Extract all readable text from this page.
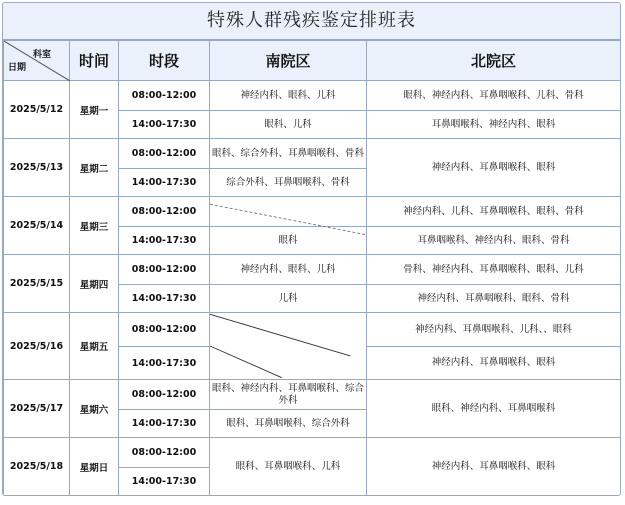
特殊人群残疾鉴定排班表
科室
日期	时间	时段	南院区	北院区
2025/5/12	星期一	08:00-12:00	神经内科、眼科、儿科	眼科、神经内科、耳鼻咽喉科、儿科、骨科
		14:00-17:30	眼科、儿科	耳鼻咽喉科、神经内科、眼科
2025/5/13	星期二	08:00-12:00	眼科、综合外科、耳鼻咽喉科、骨科	神经内科、耳鼻咽喉科、眼科
		14:00-17:30	综合外科、耳鼻咽喉科、骨科	
2025/5/14	星期三	08:00-12:00		神经内科、儿科、耳鼻咽喉科、眼科、骨科
		14:00-17:30	眼科	耳鼻咽喉科、神经内科、眼科、骨科
2025/5/15	星期四	08:00-12:00	神经内科、眼科、儿科	骨科、神经内科、耳鼻咽喉科、眼科、儿科
		14:00-17:30	儿科	神经内科、耳鼻咽喉科、眼科、骨科
2025/5/16	星期五	08:00-12:00		神经内科、耳鼻咽喉科、儿科、、眼科
		14:00-17:30		神经内科、耳鼻咽喉科、眼科
2025/5/17	星期六	08:00-12:00	眼科、神经内科、耳鼻咽喉科、综合外科	眼科、神经内科、耳鼻咽喉科
		14:00-17:30	眼科、耳鼻咽喉科、综合外科	
2025/5/18	星期日	08:00-12:00	眼科、耳鼻咽喉科、儿科	神经内科、耳鼻咽喉科、眼科
		14:00-17:30		
